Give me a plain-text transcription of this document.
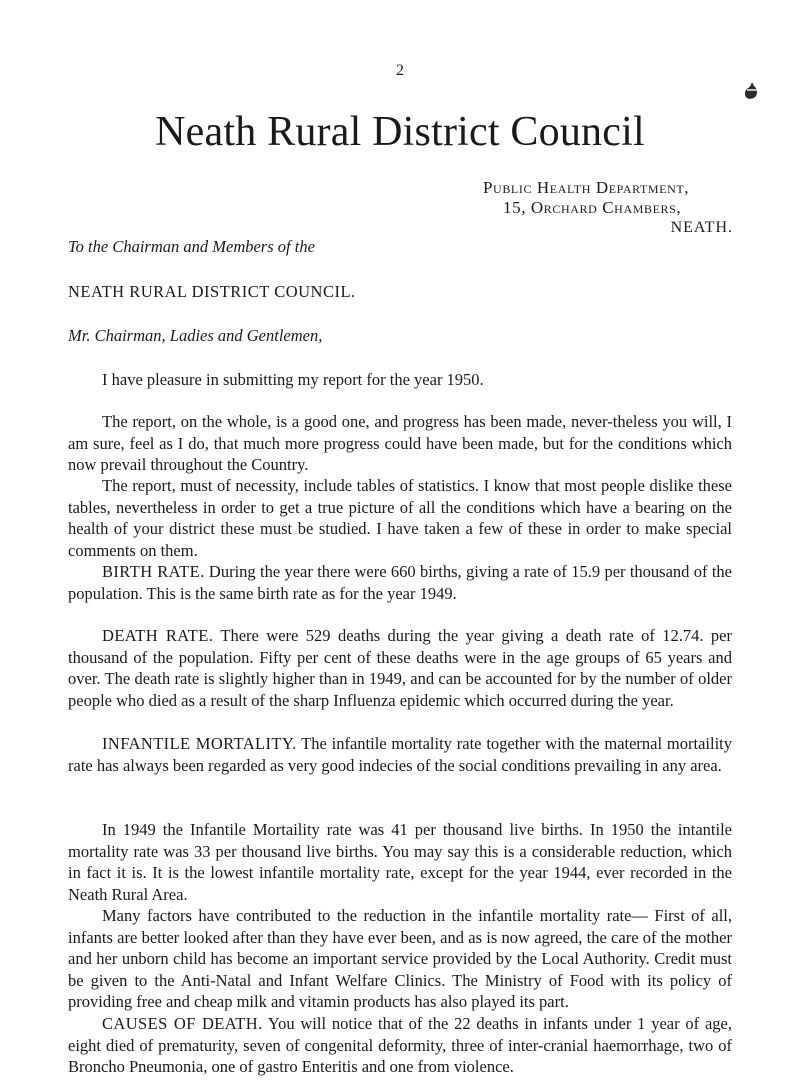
2
Neath Rural District Council
Public Health Department,
15, Orchard Chambers,
NEATH.
To the Chairman and Members of the
NEATH RURAL DISTRICT COUNCIL.
Mr. Chairman, Ladies and Gentlemen,

I have pleasure in submitting my report for the year 1950.

The report, on the whole, is a good one, and progress has been made, never-theless you will, I am sure, feel as I do, that much more progress could have been made, but for the conditions which now prevail throughout the Country.

The report, must of necessity, include tables of statistics. I know that most people dislike these tables, nevertheless in order to get a true picture of all the conditions which have a bearing on the health of your district these must be studied. I have taken a few of these in order to make special comments on them.

BIRTH RATE. During the year there were 660 births, giving a rate of 15.9 per thousand of the population. This is the same birth rate as for the year 1949.

DEATH RATE. There were 529 deaths during the year giving a death rate of 12.74. per thousand of the population. Fifty per cent of these deaths were in the age groups of 65 years and over. The death rate is slightly higher than in 1949, and can be accounted for by the number of older people who died as a result of the sharp Influenza epidemic which occurred during the year.

INFANTILE MORTALITY. The infantile mortality rate together with the maternal mortaility rate has always been regarded as very good indecies of the social conditions prevailing in any area.

In 1949 the Infantile Mortaility rate was 41 per thousand live births. In 1950 the intantile mortality rate was 33 per thousand live births. You may say this is a considerable reduction, which in fact it is. It is the lowest infantile mortality rate, except for the year 1944, ever recorded in the Neath Rural Area.

Many factors have contributed to the reduction in the infantile mortality rate— First of all, infants are better looked after than they have ever been, and as is now agreed, the care of the mother and her unborn child has become an important service provided by the Local Authority. Credit must be given to the Anti-Natal and Infant Welfare Clinics. The Ministry of Food with its policy of providing free and cheap milk and vitamin products has also played its part.

CAUSES OF DEATH. You will notice that of the 22 deaths in infants under 1 year of age, eight died of prematurity, seven of congenital deformity, three of inter-cranial haemorrhage, two of Broncho Pneumonia, one of gastro Enteritis and one from violence.
